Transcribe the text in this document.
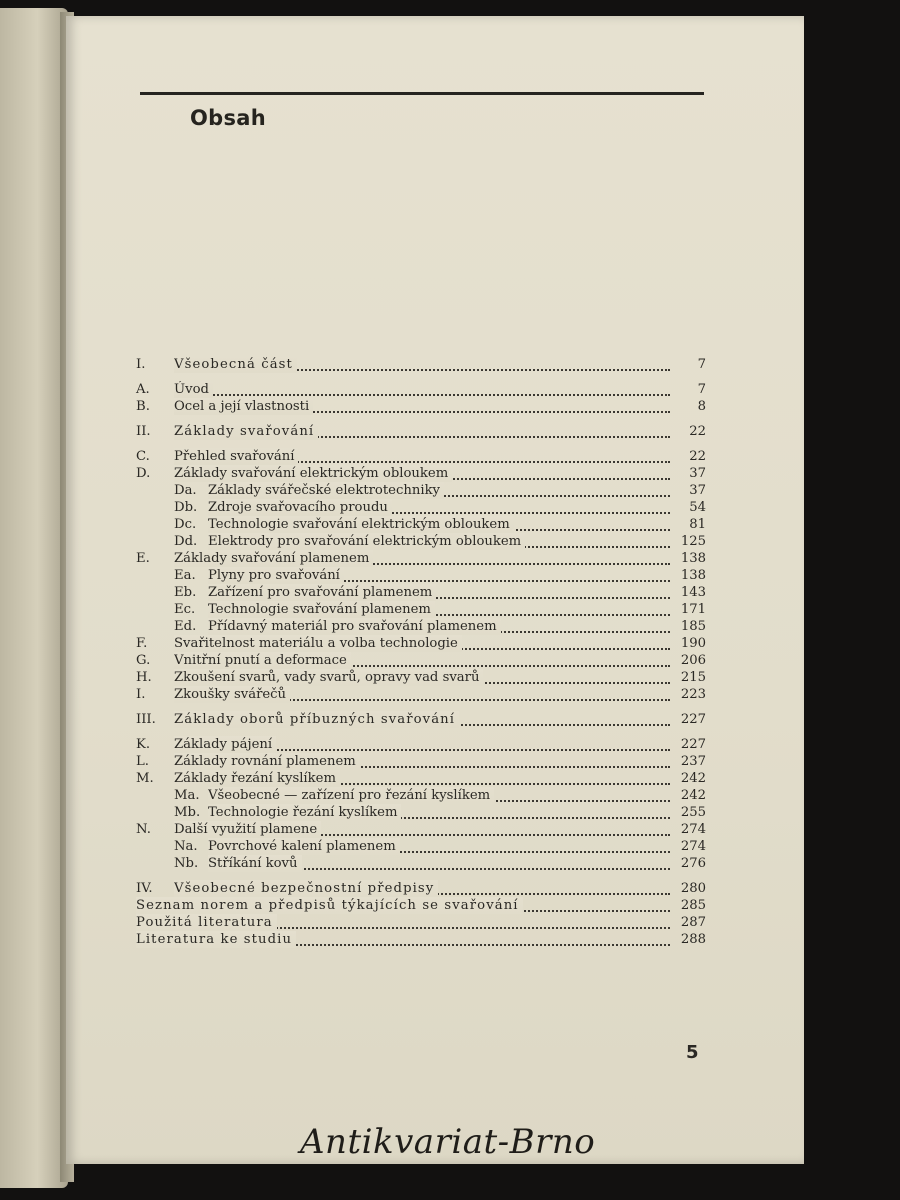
Obsah
I. Všeobecná část	7
A. Úvod	7
B. Ocel a její vlastnosti	8
II. Základy svařování	22
C. Přehled svařování	22
D. Základy svařování elektrickým obloukem	37
Da. Základy svářečské elektrotechniky	37
Db. Zdroje svařovacího proudu	54
Dc. Technologie svařování elektrickým obloukem	81
Dd. Elektrody pro svařování elektrickým obloukem	125
E. Základy svařování plamenem	138
Ea. Plyny pro svařování	138
Eb. Zařízení pro svařování plamenem	143
Ec. Technologie svařování plamenem	171
Ed. Přídavný materiál pro svařování plamenem	185
F. Svařitelnost materiálu a volba technologie	190
G. Vnitřní pnutí a deformace	206
H. Zkoušení svarů, vady svarů, opravy vad svarů	215
I. Zkoušky svářečů	223
III. Základy oborů příbuzných svařování	227
K. Základy pájení	227
L. Základy rovnání plamenem	237
M. Základy řezání kyslíkem	242
Ma. Všeobecné — zařízení pro řezání kyslíkem	242
Mb. Technologie řezání kyslíkem	255
N. Další využití plamene	274
Na. Povrchové kalení plamenem	274
Nb. Stříkání kovů	276
IV. Všeobecné bezpečnostní předpisy	280
Seznam norem a předpisů týkajících se svařování	285
Použitá literatura	287
Literatura ke studiu	288
5
Antikvariat-Brno
